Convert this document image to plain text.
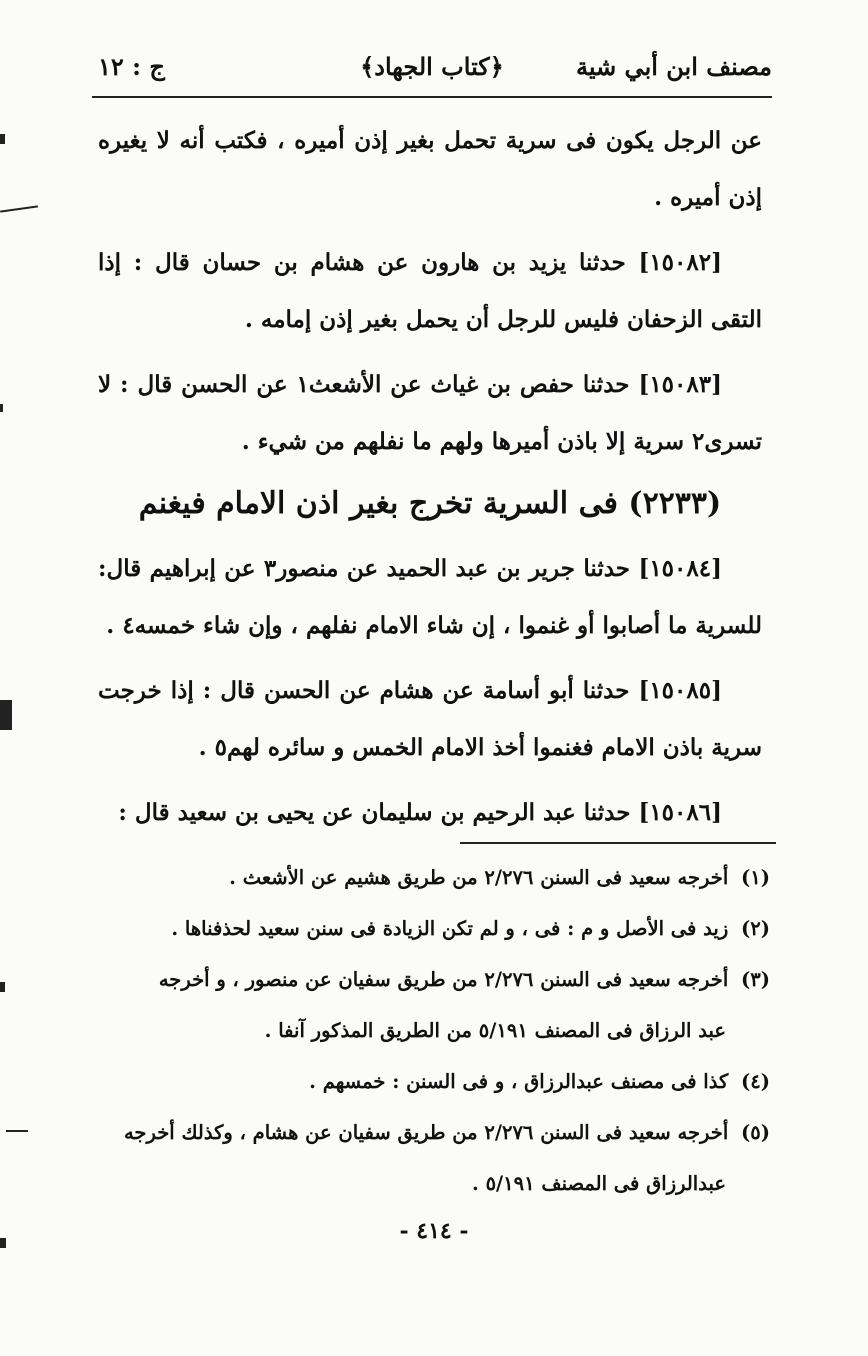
مصنف ابن أبي شية
﴿كتاب الجهاد﴾
ج : ١٢

عن الرجل يكون فى سرية تحمل بغير إذن أميره ، فكتب أنه لا يغيره إذن أميره .

[١٥٠٨٢] حدثنا يزيد بن هارون عن هشام بن حسان قال : إذا التقى الزحفان فليس للرجل أن يحمل بغير إذن إمامه .

[١٥٠٨٣] حدثنا حفص بن غياث عن الأشعث١ عن الحسن قال : لا تسرى٢ سرية إلا باذن أميرها ولهم ما نفلهم من شيء .

(٢٢٣٣) فى السرية تخرج بغير اذن الامام فيغنم

[١٥٠٨٤] حدثنا جرير بن عبد الحميد عن منصور٣ عن إبراهيم قال: للسرية ما أصابوا أو غنموا ، إن شاء الامام نفلهم ، وإن شاء خمسه٤ .

[١٥٠٨٥] حدثنا أبو أسامة عن هشام عن الحسن قال : إذا خرجت سرية باذن الامام فغنموا أخذ الامام الخمس و سائره لهم٥ .

[١٥٠٨٦] حدثنا عبد الرحيم بن سليمان عن يحيى بن سعيد قال :

(١) أخرجه سعيد فى السنن ٢/٢٧٦ من طريق هشيم عن الأشعث .

(٢) زيد فى الأصل و م : فى ، و لم تكن الزيادة فى سنن سعيد لحذفناها .

(٣) أخرجه سعيد فى السنن ٢/٢٧٦ من طريق سفيان عن منصور ، و أخرجه
عبد الرزاق فى المصنف ٥/١٩١ من الطريق المذكور آنفا .

(٤) كذا فى مصنف عبدالرزاق ، و فى السنن : خمسهم .

(٥) أخرجه سعيد فى السنن ٢/٢٧٦ من طريق سفيان عن هشام ، وكذلك أخرجه
عبدالرزاق فى المصنف ٥/١٩١ .

- ٤١٤ -
